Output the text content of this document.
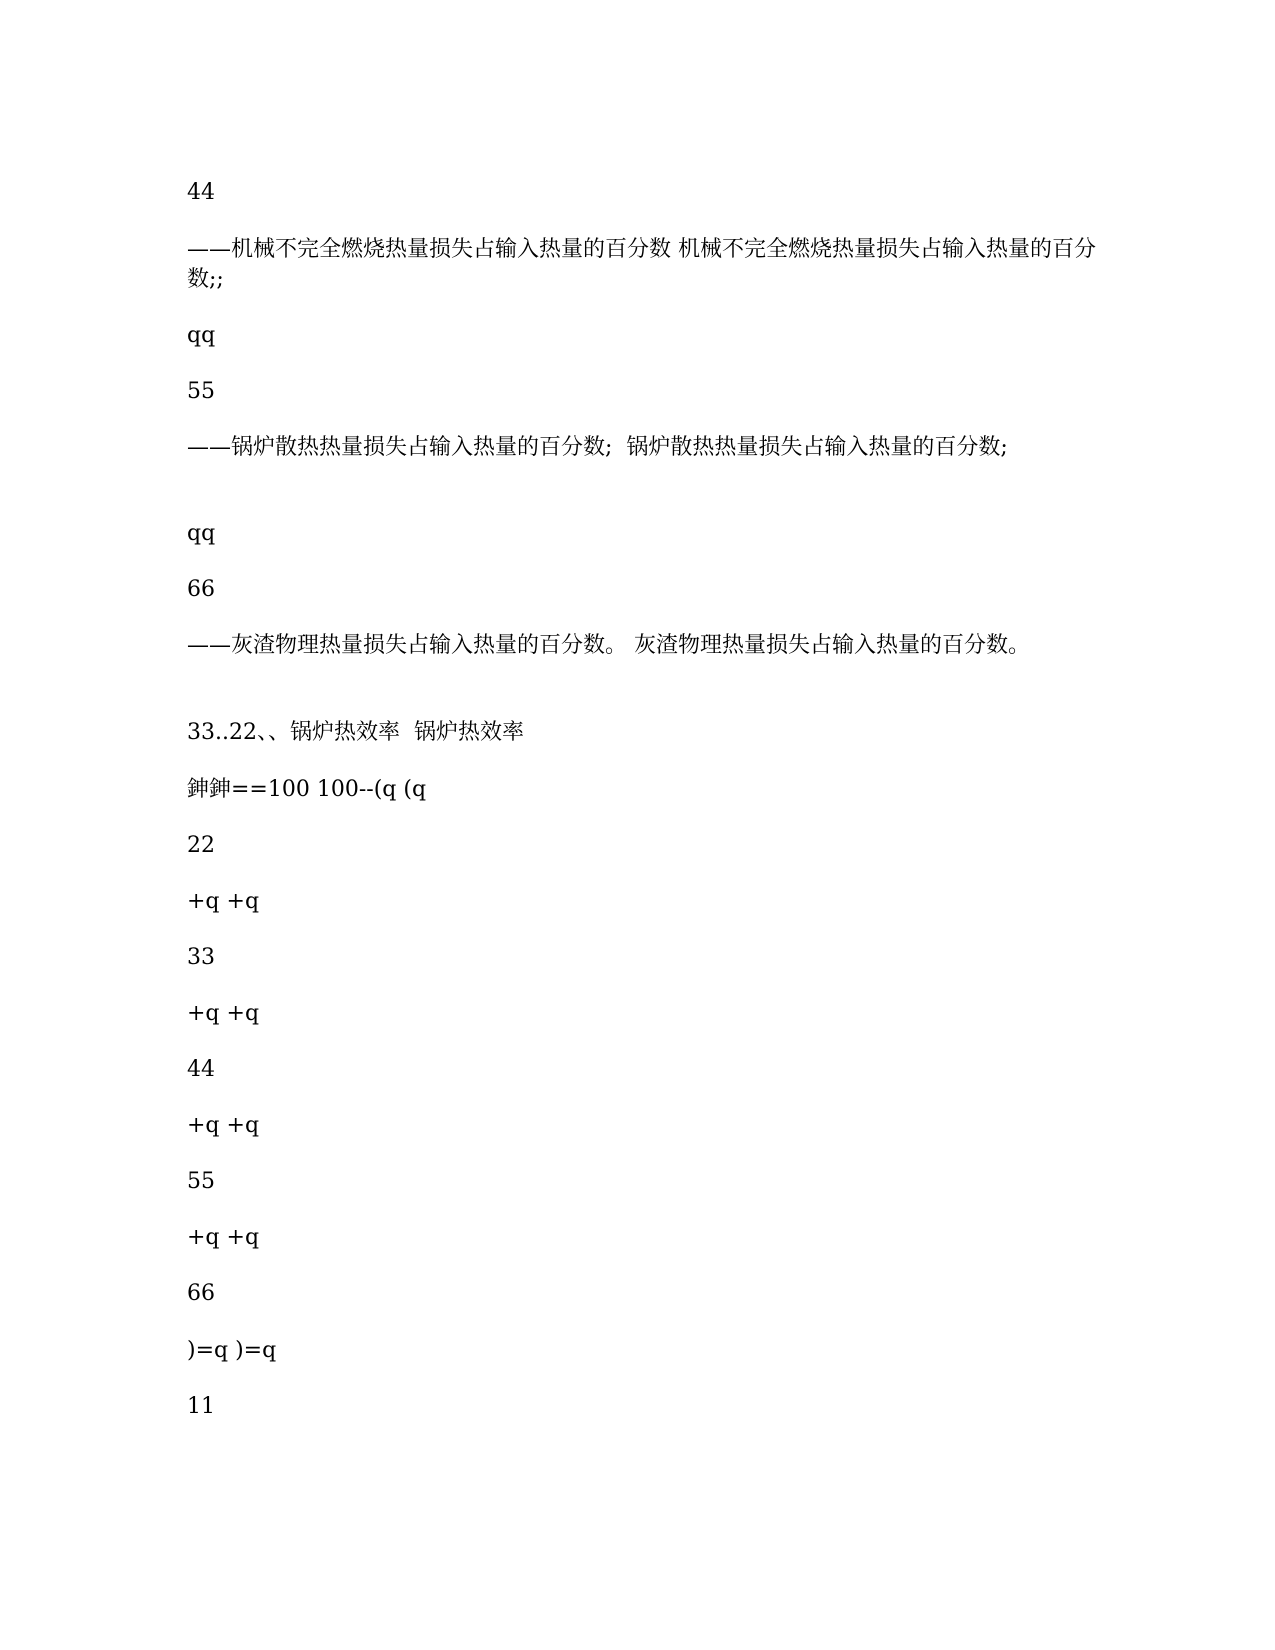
44

——机械不完全燃烧热量损失占输入热量的百分数 机械不完全燃烧热量损失占输入热量的百分数;;

qq

55

——锅炉散热热量损失占输入热量的百分数;  锅炉散热热量损失占输入热量的百分数;

qq

66

——灰渣物理热量损失占输入热量的百分数。 灰渣物理热量损失占输入热量的百分数。

33..22、、锅炉热效率  锅炉热效率

鉮鉮==100 100--(q (q

22

+q +q

33

+q +q

44

+q +q

55

+q +q

66

)=q )=q

11
